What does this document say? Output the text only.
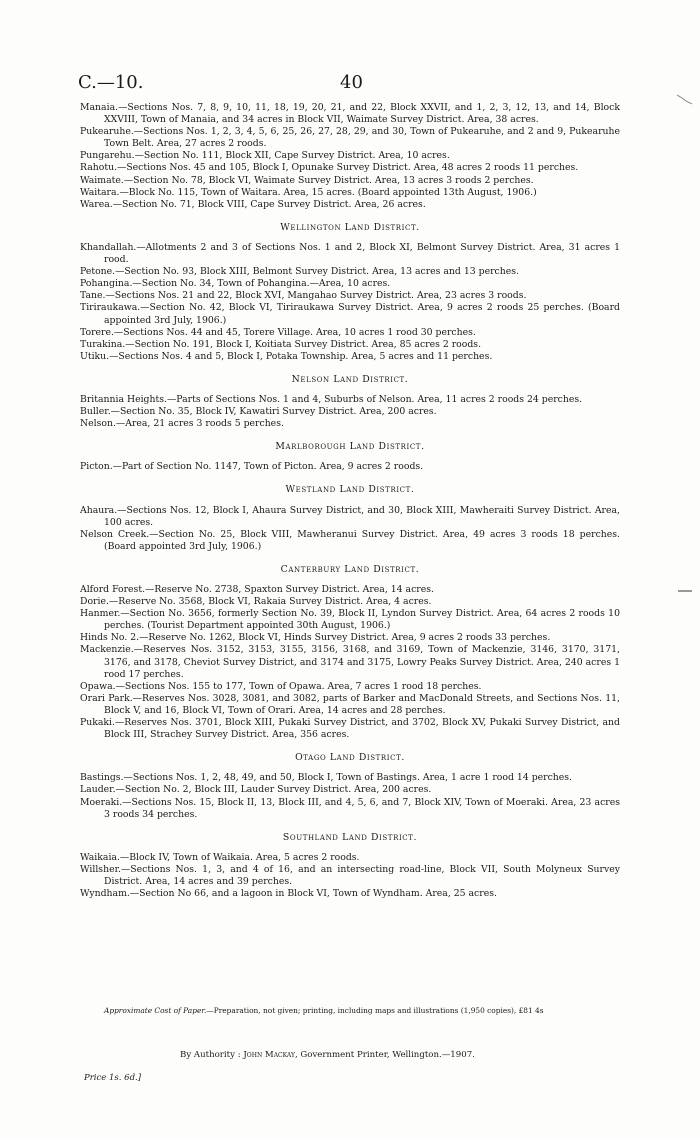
C.—10.	40

Manaia.—Sections Nos. 7, 8, 9, 10, 11, 18, 19, 20, 21, and 22, Block XXVII, and 1, 2, 3, 12, 13, and 14, Block XXVIII, Town of Manaia, and 34 acres in Block VII, Waimate Survey District. Area, 38 acres.

Pukearuhe.—Sections Nos. 1, 2, 3, 4, 5, 6, 25, 26, 27, 28, 29, and 30, Town of Pukearuhe, and 2 and 9, Pukearuhe Town Belt. Area, 27 acres 2 roods.

Pungarehu.—Section No. 111, Block XII, Cape Survey District. Area, 10 acres.

Rahotu.—Sections Nos. 45 and 105, Block I, Opunake Survey District. Area, 48 acres 2 roods 11 perches.

Waimate.—Section No. 78, Block VI, Waimate Survey District. Area, 13 acres 3 roods 2 perches.

Waitara.—Block No. 115, Town of Waitara. Area, 15 acres. (Board appointed 13th August, 1906.)

Warea.—Section No. 71, Block VIII, Cape Survey District. Area, 26 acres.

Wellington Land District.

Khandallah.—Allotments 2 and 3 of Sections Nos. 1 and 2, Block XI, Belmont Survey District. Area, 31 acres 1 rood.

Petone.—Section No. 93, Block XIII, Belmont Survey District. Area, 13 acres and 13 perches.

Pohangina.—Section No. 34, Town of Pohangina.—Area, 10 acres.

Tane.—Sections Nos. 21 and 22, Block XVI, Mangahao Survey District. Area, 23 acres 3 roods.

Tiriraukawa.—Section No. 42, Block VI, Tiriraukawa Survey District. Area, 9 acres 2 roods 25 perches. (Board appointed 3rd July, 1906.)

Torere.—Sections Nos. 44 and 45, Torere Village. Area, 10 acres 1 rood 30 perches.

Turakina.—Section No. 191, Block I, Koitiata Survey District. Area, 85 acres 2 roods.

Utiku.—Sections Nos. 4 and 5, Block I, Potaka Township. Area, 5 acres and 11 perches.

Nelson Land District.

Britannia Heights.—Parts of Sections Nos. 1 and 4, Suburbs of Nelson. Area, 11 acres 2 roods 24 perches.

Buller.—Section No. 35, Block IV, Kawatiri Survey District. Area, 200 acres.

Nelson.—Area, 21 acres 3 roods 5 perches.

Marlborough Land District.

Picton.—Part of Section No. 1147, Town of Picton. Area, 9 acres 2 roods.

Westland Land District.

Ahaura.—Sections Nos. 12, Block I, Ahaura Survey District, and 30, Block XIII, Mawheraiti Survey District. Area, 100 acres.

Nelson Creek.—Section No. 25, Block VIII, Mawheranui Survey District. Area, 49 acres 3 roods 18 perches. (Board appointed 3rd July, 1906.)

Canterbury Land District.

Alford Forest.—Reserve No. 2738, Spaxton Survey District. Area, 14 acres.

Dorie.—Reserve No. 3568, Block VI, Rakaia Survey District. Area, 4 acres.

Hanmer.—Section No. 3656, formerly Section No. 39, Block II, Lyndon Survey District. Area, 64 acres 2 roods 10 perches. (Tourist Department appointed 30th August, 1906.)

Hinds No. 2.—Reserve No. 1262, Block VI, Hinds Survey District. Area, 9 acres 2 roods 33 perches.

Mackenzie.—Reserves Nos. 3152, 3153, 3155, 3156, 3168, and 3169, Town of Mackenzie, 3146, 3170, 3171, 3176, and 3178, Cheviot Survey District, and 3174 and 3175, Lowry Peaks Survey District. Area, 240 acres 1 rood 17 perches.

Opawa.—Sections Nos. 155 to 177, Town of Opawa. Area, 7 acres 1 rood 18 perches.

Orari Park.—Reserves Nos. 3028, 3081, and 3082, parts of Barker and MacDonald Streets, and Sections Nos. 11, Block V, and 16, Block VI, Town of Orari. Area, 14 acres and 28 perches.

Pukaki.—Reserves Nos. 3701, Block XIII, Pukaki Survey District, and 3702, Block XV, Pukaki Survey District, and Block III, Strachey Survey District. Area, 356 acres.

Otago Land District.

Bastings.—Sections Nos. 1, 2, 48, 49, and 50, Block I, Town of Bastings. Area, 1 acre 1 rood 14 perches.

Lauder.—Section No. 2, Block III, Lauder Survey District. Area, 200 acres.

Moeraki.—Sections Nos. 15, Block II, 13, Block III, and 4, 5, 6, and 7, Block XIV, Town of Moeraki. Area, 23 acres 3 roods 34 perches.

Southland Land District.

Waikaia.—Block IV, Town of Waikaia. Area, 5 acres 2 roods.

Willsher.—Sections Nos. 1, 3, and 4 of 16, and an intersecting road-line, Block VII, South Molyneux Survey District. Area, 14 acres and 39 perches.

Wyndham.—Section No 66, and a lagoon in Block VI, Town of Wyndham. Area, 25 acres.

Approximate Cost of Paper.—Preparation, not given; printing, including maps and illustrations (1,950 copies), £81 4s
By Authority : John Mackay, Government Printer, Wellington.—1907.
Price 1s. 6d.]
